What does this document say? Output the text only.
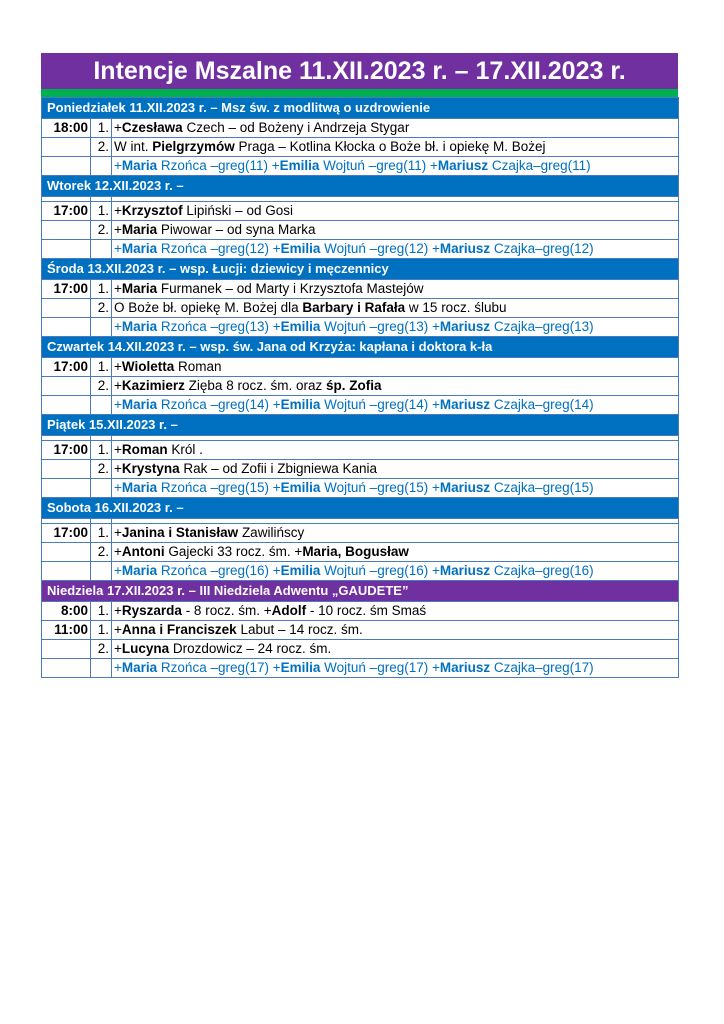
Intencje Mszalne 11.XII.2023 r. – 17.XII.2023 r.
Poniedziałek 11.XII.2023 r. – Msz św. z modlitwą o uzdrowienie		
18:00	1.	+Czesława Czech – od Bożeny i Andrzeja Stygar
	2.	W int. Pielgrzymów Praga – Kotlina Kłocka o Boże bł. i opiekę M. Bożej
		+Maria Rzońca –greg(11) +Emilia Wojtuń –greg(11) +Mariusz Czajka–greg(11)
Wtorek 12.XII.2023 r. –		

17:00	1.	+Krzysztof Lipiński – od Gosi
	2.	+Maria Piwowar – od syna Marka
		+Maria Rzońca –greg(12) +Emilia Wojtuń –greg(12) +Mariusz Czajka–greg(12)
Środa 13.XII.2023 r. – wsp. Łucji: dziewicy i męczennicy		
17:00	1.	+Maria Furmanek – od Marty i Krzysztofa Mastejów
	2.	O Boże bł. opiekę M. Bożej dla Barbary i Rafała w 15 rocz. ślubu
		+Maria Rzońca –greg(13) +Emilia Wojtuń –greg(13) +Mariusz Czajka–greg(13)
Czwartek 14.XII.2023 r. – wsp. św. Jana od Krzyża: kapłana i doktora k-ła		
17:00	1.	+Wioletta Roman
	2.	+Kazimierz Zięba 8 rocz. śm. oraz śp. Zofia
		+Maria Rzońca –greg(14) +Emilia Wojtuń –greg(14) +Mariusz Czajka–greg(14)
Piątek 15.XII.2023 r. –		

17:00	1.	+Roman Król .
	2.	+Krystyna Rak – od Zofii i Zbigniewa Kania
		+Maria Rzońca –greg(15) +Emilia Wojtuń –greg(15) +Mariusz Czajka–greg(15)
Sobota 16.XII.2023 r. –		

17:00	1.	+Janina i Stanisław Zawilińscy
	2.	+Antoni Gajecki 33 rocz. śm. +Maria, Bogusław
		+Maria Rzońca –greg(16) +Emilia Wojtuń –greg(16) +Mariusz Czajka–greg(16)
Niedziela 17.XII.2023 r. – III Niedziela Adwentu „GAUDETE”		
8:00	1.	+Ryszarda - 8 rocz. śm. +Adolf - 10 rocz. śm Smaś
11:00	1.	+Anna i Franciszek Labut – 14 rocz. śm.
	2.	+Lucyna Drozdowicz – 24 rocz. śm.
		+Maria Rzońca –greg(17) +Emilia Wojtuń –greg(17) +Mariusz Czajka–greg(17)
